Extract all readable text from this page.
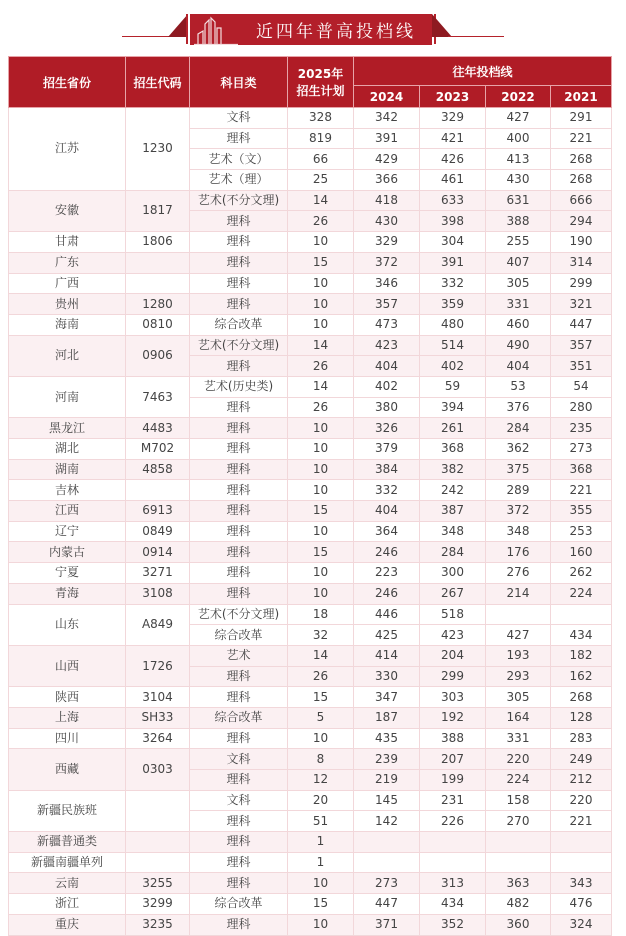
近四年普高投档线
招生省份	招生代码	科目类	2025年
招生计划	往年投档线			
				2024	2023	2022	2021
江苏	1230	文科	328	342	329	427	291
		理科	819	391	421	400	221
		艺术（文）	66	429	426	413	268
		艺术（理）	25	366	461	430	268
安徽	1817	艺术(不分文理)	14	418	633	631	666
		理科	26	430	398	388	294
甘肃	1806	理科	10	329	304	255	190
广东		理科	15	372	391	407	314
广西		理科	10	346	332	305	299
贵州	1280	理科	10	357	359	331	321
海南	0810	综合改革	10	473	480	460	447
河北	0906	艺术(不分文理)	14	423	514	490	357
		理科	26	404	402	404	351
河南	7463	艺术(历史类)	14	402	59	53	54
		理科	26	380	394	376	280
黑龙江	4483	理科	10	326	261	284	235
湖北	M702	理科	10	379	368	362	273
湖南	4858	理科	10	384	382	375	368
吉林		理科	10	332	242	289	221
江西	6913	理科	15	404	387	372	355
辽宁	0849	理科	10	364	348	348	253
内蒙古	0914	理科	15	246	284	176	160
宁夏	3271	理科	10	223	300	276	262
青海	3108	理科	10	246	267	214	224
山东	A849	艺术(不分文理)	18	446	518		
		综合改革	32	425	423	427	434
山西	1726	艺术	14	414	204	193	182
		理科	26	330	299	293	162
陕西	3104	理科	15	347	303	305	268
上海	SH33	综合改革	5	187	192	164	128
四川	3264	理科	10	435	388	331	283
西藏	0303	文科	8	239	207	220	249
		理科	12	219	199	224	212
新疆民族班		文科	20	145	231	158	220
		理科	51	142	226	270	221
新疆普通类		理科	1				
新疆南疆单列		理科	1				
云南	3255	理科	10	273	313	363	343
浙江	3299	综合改革	15	447	434	482	476
重庆	3235	理科	10	371	352	360	324
